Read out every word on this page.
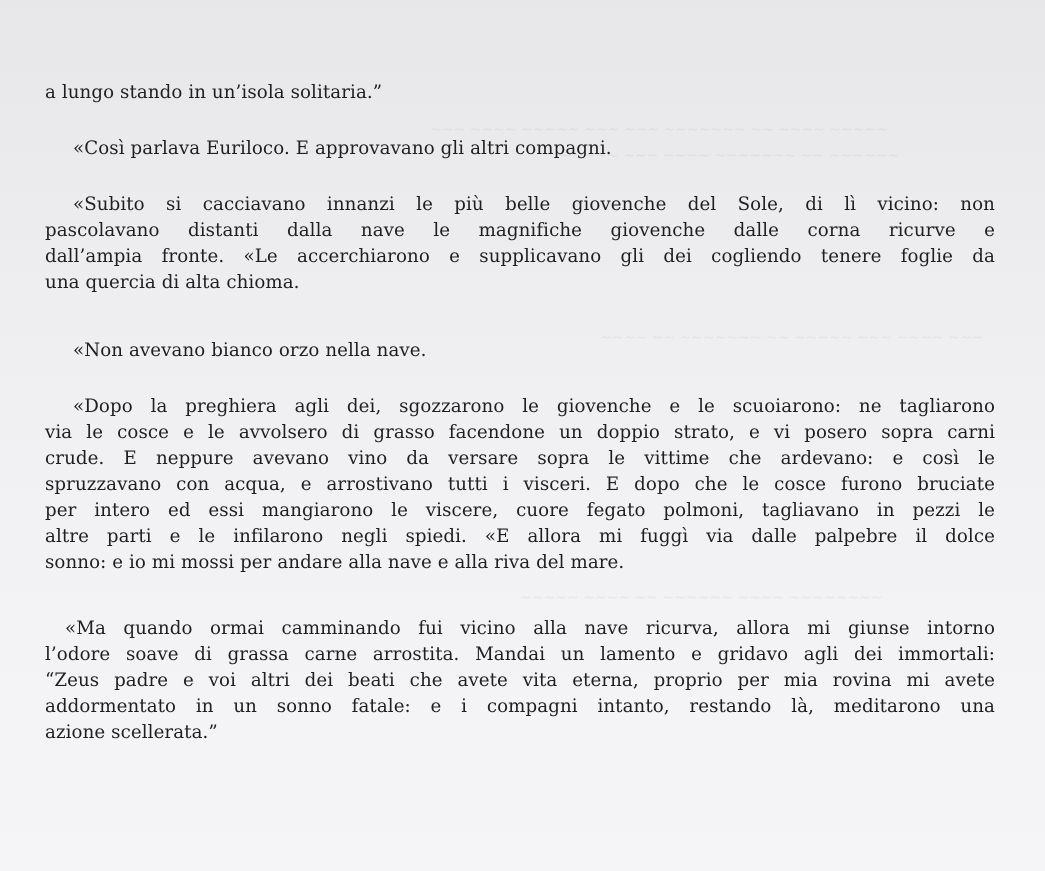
~~~ ~~~~ ~~~~~ ~~~ ~~~ ~~~~~~~ ~~ ~~~~ ~~~~~
~~~~~ ~~~ ~~~~ ~~~~~~~ ~~ ~~~~~~
~~~~ ~~ ~~~~~~~ ~~ ~~~~~ ~~~ ~~~~ ~~~
~~~~~ ~~~~ ~~ ~~~~~~ ~~~~ ~~~~~~~~

a lungo stando in un’isola solitaria.”

«Così parlava Euriloco. E approvavano gli altri compagni.

«Subito si cacciavano innanzi le più belle giovenche del Sole, di lì vicino: non
pascolavano distanti dalla nave le magnifiche giovenche dalle corna ricurve e
dall’ampia fronte. «Le accerchiarono e supplicavano gli dei cogliendo tenere foglie da
una quercia di alta chioma.

«Non avevano bianco orzo nella nave.

«Dopo la preghiera agli dei, sgozzarono le giovenche e le scuoiarono: ne tagliarono
via le cosce e le avvolsero di grasso facendone un doppio strato, e vi posero sopra carni
crude. E neppure avevano vino da versare sopra le vittime che ardevano: e così le
spruzzavano con acqua, e arrostivano tutti i visceri. E dopo che le cosce furono bruciate
per intero ed essi mangiarono le viscere, cuore fegato polmoni, tagliavano in pezzi le
altre parti e le infilarono negli spiedi. «E allora mi fuggì via dalle palpebre il dolce
sonno: e io mi mossi per andare alla nave e alla riva del mare.

«Ma quando ormai camminando fui vicino alla nave ricurva, allora mi giunse intorno
l’odore soave di grassa carne arrostita. Mandai un lamento e gridavo agli dei immortali:
“Zeus padre e voi altri dei beati che avete vita eterna, proprio per mia rovina mi avete
addormentato in un sonno fatale: e i compagni intanto, restando là, meditarono una
azione scellerata.”
